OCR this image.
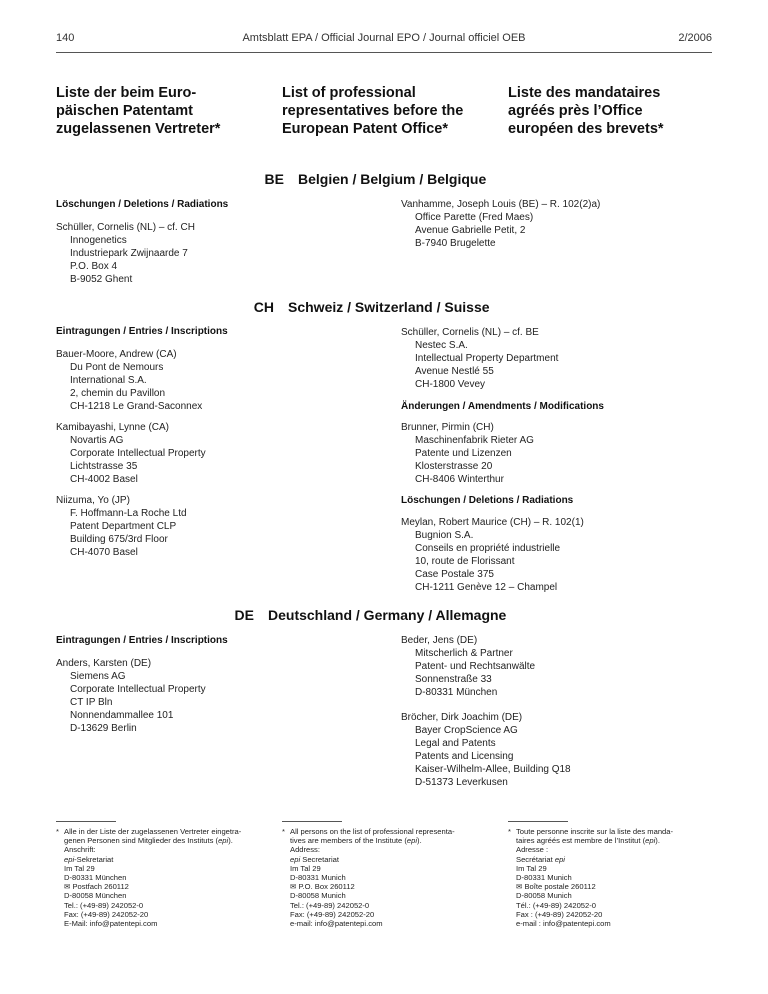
140	Amtsblatt EPA / Official Journal EPO / Journal officiel OEB	2/2006
Liste der beim Euro-
päischen Patentamt
zugelassenen Vertreter*
List of professional
representatives before the
European Patent Office*
Liste des mandataires
agréés près l’Office
européen des brevets*
BE Belgien / Belgium / Belgique
Löschungen / Deletions / Radiations
Schüller, Cornelis (NL) – cf. CH
Innogenetics
Industriepark Zwijnaarde 7
P.O. Box 4
B-9052 Ghent
Vanhamme, Joseph Louis (BE) – R. 102(2)a)
Office Parette (Fred Maes)
Avenue Gabrielle Petit, 2
B-7940 Brugelette
CH Schweiz / Switzerland / Suisse
Eintragungen / Entries / Inscriptions
Bauer-Moore, Andrew (CA)
Du Pont de Nemours
International S.A.
2, chemin du Pavillon
CH-1218 Le Grand-Saconnex
Kamibayashi, Lynne (CA)
Novartis AG
Corporate Intellectual Property
Lichtstrasse 35
CH-4002 Basel
Niizuma, Yo (JP)
F. Hoffmann-La Roche Ltd
Patent Department CLP
Building 675/3rd Floor
CH-4070 Basel
Schüller, Cornelis (NL) – cf. BE
Nestec S.A.
Intellectual Property Department
Avenue Nestlé 55
CH-1800 Vevey
Änderungen / Amendments / Modifications
Brunner, Pirmin (CH)
Maschinenfabrik Rieter AG
Patente und Lizenzen
Klosterstrasse 20
CH-8406 Winterthur
Löschungen / Deletions / Radiations
Meylan, Robert Maurice (CH) – R. 102(1)
Bugnion S.A.
Conseils en propriété industrielle
10, route de Florissant
Case Postale 375
CH-1211 Genève 12 – Champel
DE Deutschland / Germany / Allemagne
Eintragungen / Entries / Inscriptions
Anders, Karsten (DE)
Siemens AG
Corporate Intellectual Property
CT IP Bln
Nonnendammallee 101
D-13629 Berlin
Beder, Jens (DE)
Mitscherlich & Partner
Patent- und Rechtsanwälte
Sonnenstraße 33
D-80331 München
Bröcher, Dirk Joachim (DE)
Bayer CropScience AG
Legal and Patents
Patents and Licensing
Kaiser-Wilhelm-Allee, Building Q18
D-51373 Leverkusen
* Alle in der Liste der zugelassenen Vertreter eingetra-
genen Personen sind Mitglieder des Instituts (epi).
Anschrift:
epi-Sekretariat
Im Tal 29
D-80331 München
✉ Postfach 260112
D-80058 München
Tel.: (+49-89) 242052-0
Fax: (+49-89) 242052-20
E-Mail: info@patentepi.com
* All persons on the list of professional representa-
tives are members of the Institute (epi).
Address:
epi Secretariat
Im Tal 29
D-80331 Munich
✉ P.O. Box 260112
D-80058 Munich
Tel.: (+49-89) 242052-0
Fax: (+49-89) 242052-20
e-mail: info@patentepi.com
* Toute personne inscrite sur la liste des manda-
taires agréés est membre de l’Institut (epi).
Adresse :
Secrétariat epi
Im Tal 29
D-80331 Munich
✉ Boîte postale 260112
D-80058 Munich
Tél.: (+49-89) 242052-0
Fax : (+49-89) 242052-20
e-mail : info@patentepi.com
